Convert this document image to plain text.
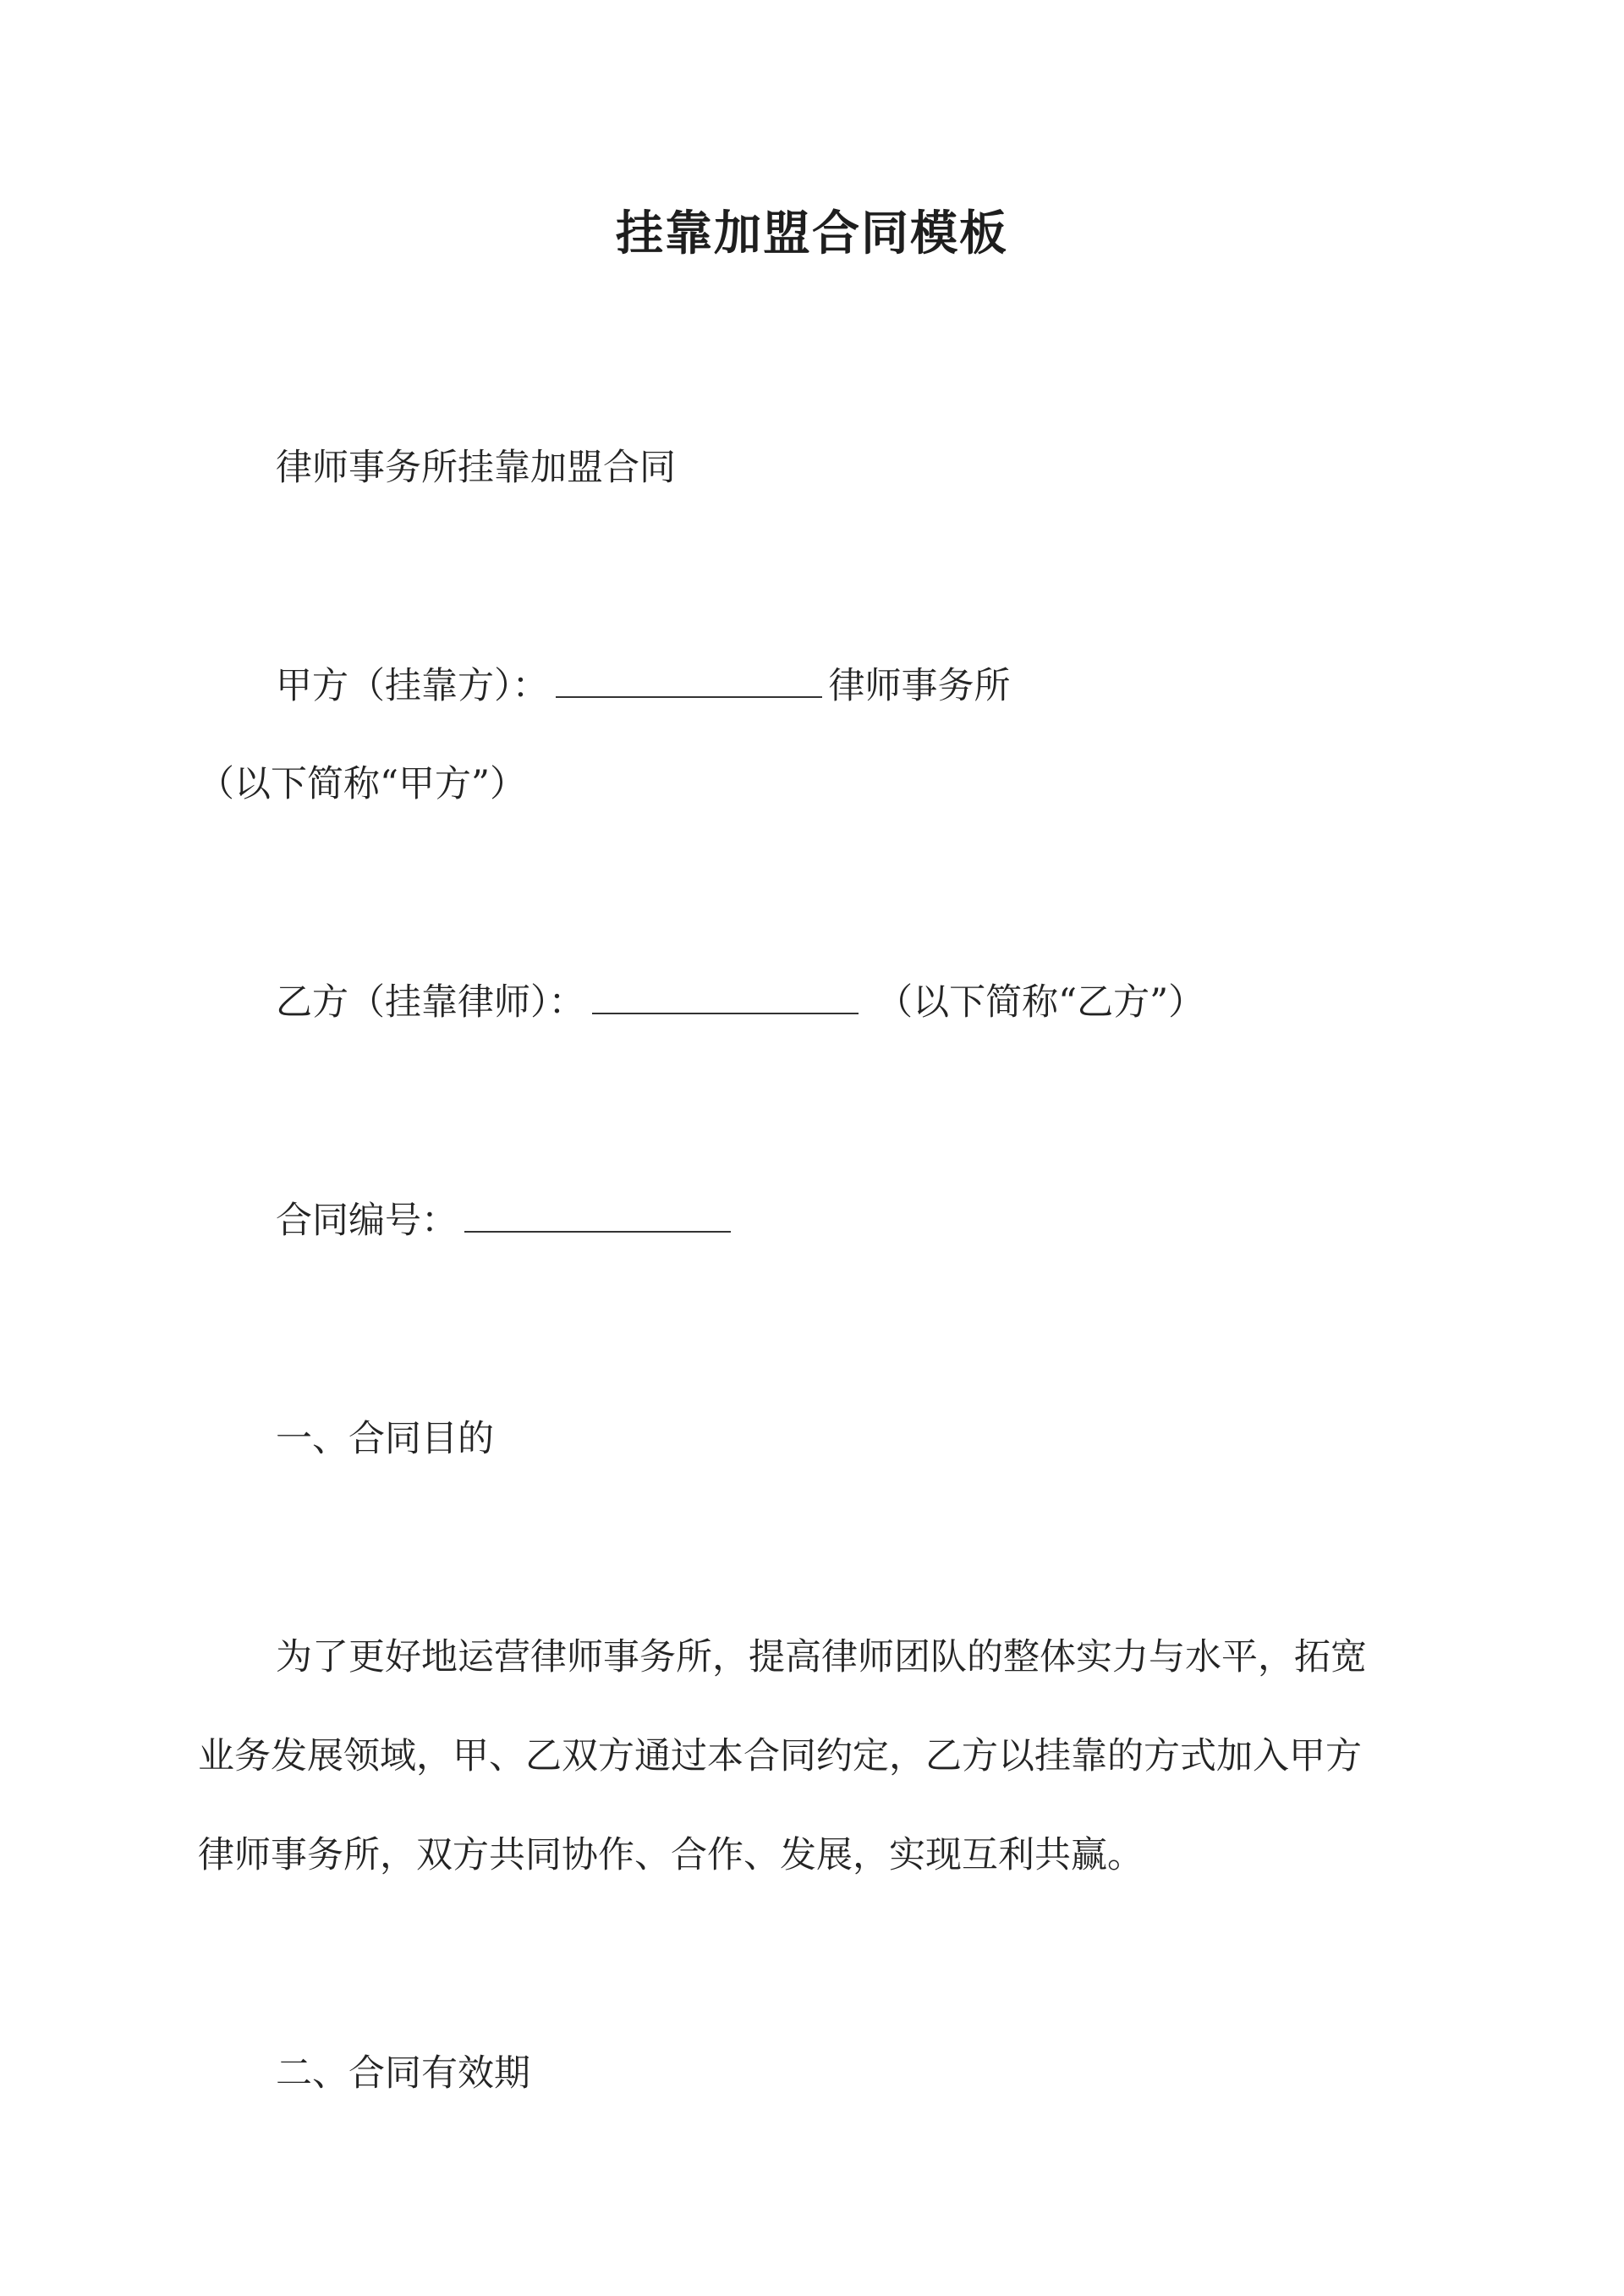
挂靠加盟合同模板
律师事务所挂靠加盟合同
甲方（挂靠方）：	律师事务所
（以下简称“甲方”）
乙方（挂靠律师）：	（以下简称“乙方”）
合同编号：
一、合同目的
为了更好地运营律师事务所，提高律师团队的整体实力与水平，拓宽
业务发展领域，甲、乙双方通过本合同约定，乙方以挂靠的方式加入甲方
律师事务所，双方共同协作、合作、发展，实现互利共赢。
二、合同有效期
